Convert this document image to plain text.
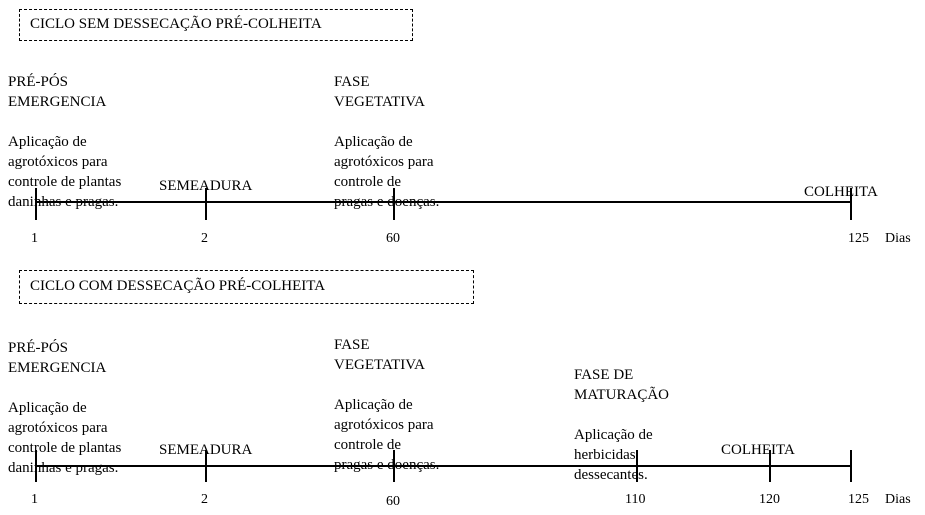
CICLO SEM DESSECAÇÃO PRÉ-COLHEITA

PRÉ-PÓS
EMERGENCIA

Aplicação de
agrotóxicos para
controle de plantas
daninhas e pragas.

SEMEADURA

FASE
VEGETATIVA

Aplicação de
agrotóxicos para
controle de
pragas e doenças.

COLHEITA

1	2	60	125 Dias
CICLO COM DESSECAÇÃO PRÉ-COLHEITA

PRÉ-PÓS
EMERGENCIA

Aplicação de
agrotóxicos para
controle de plantas
daninhas e pragas.

SEMEADURA

FASE
VEGETATIVA

Aplicação de
agrotóxicos para
controle de
pragas e doenças.

FASE DE
MATURAÇÃO

Aplicação de
herbicidas
dessecantes.

COLHEITA

1	2	60	110	120	125 Dias
